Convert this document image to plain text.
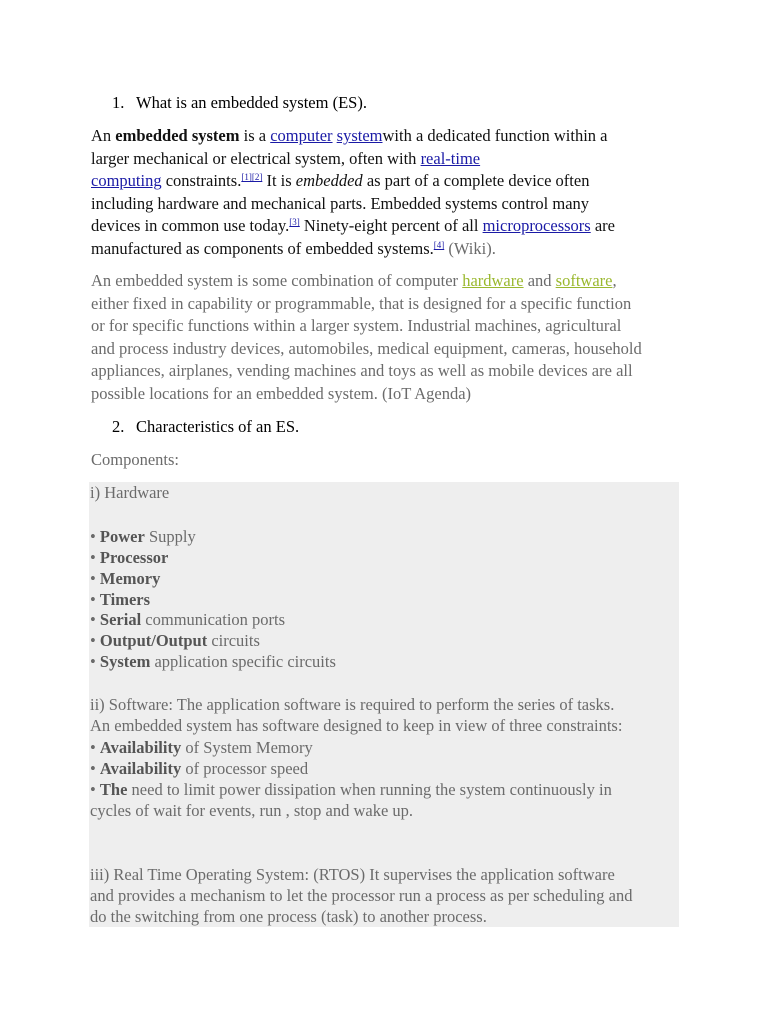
1. What is an embedded system (ES).
An embedded system is a computer systemwith a dedicated function within a
larger mechanical or electrical system, often with real-time
computing constraints.[1][2] It is embedded as part of a complete device often
including hardware and mechanical parts. Embedded systems control many
devices in common use today.[3] Ninety-eight percent of all microprocessors are
manufactured as components of embedded systems.[4] (Wiki).
An embedded system is some combination of computer hardware and software,
either fixed in capability or programmable, that is designed for a specific function
or for specific functions within a larger system. Industrial machines, agricultural
and process industry devices, automobiles, medical equipment, cameras, household
appliances, airplanes, vending machines and toys as well as mobile devices are all
possible locations for an embedded system. (IoT Agenda)
2. Characteristics of an ES.
Components:
i) Hardware
• Power Supply
• Processor
• Memory
• Timers
• Serial communication ports
• Output/Output circuits
• System application specific circuits
ii) Software: The application software is required to perform the series of tasks.
An embedded system has software designed to keep in view of three constraints:
• Availability of System Memory
• Availability of processor speed
• The need to limit power dissipation when running the system continuously in
cycles of wait for events, run , stop and wake up.
iii) Real Time Operating System: (RTOS) It supervises the application software
and provides a mechanism to let the processor run a process as per scheduling and
do the switching from one process (task) to another process.
